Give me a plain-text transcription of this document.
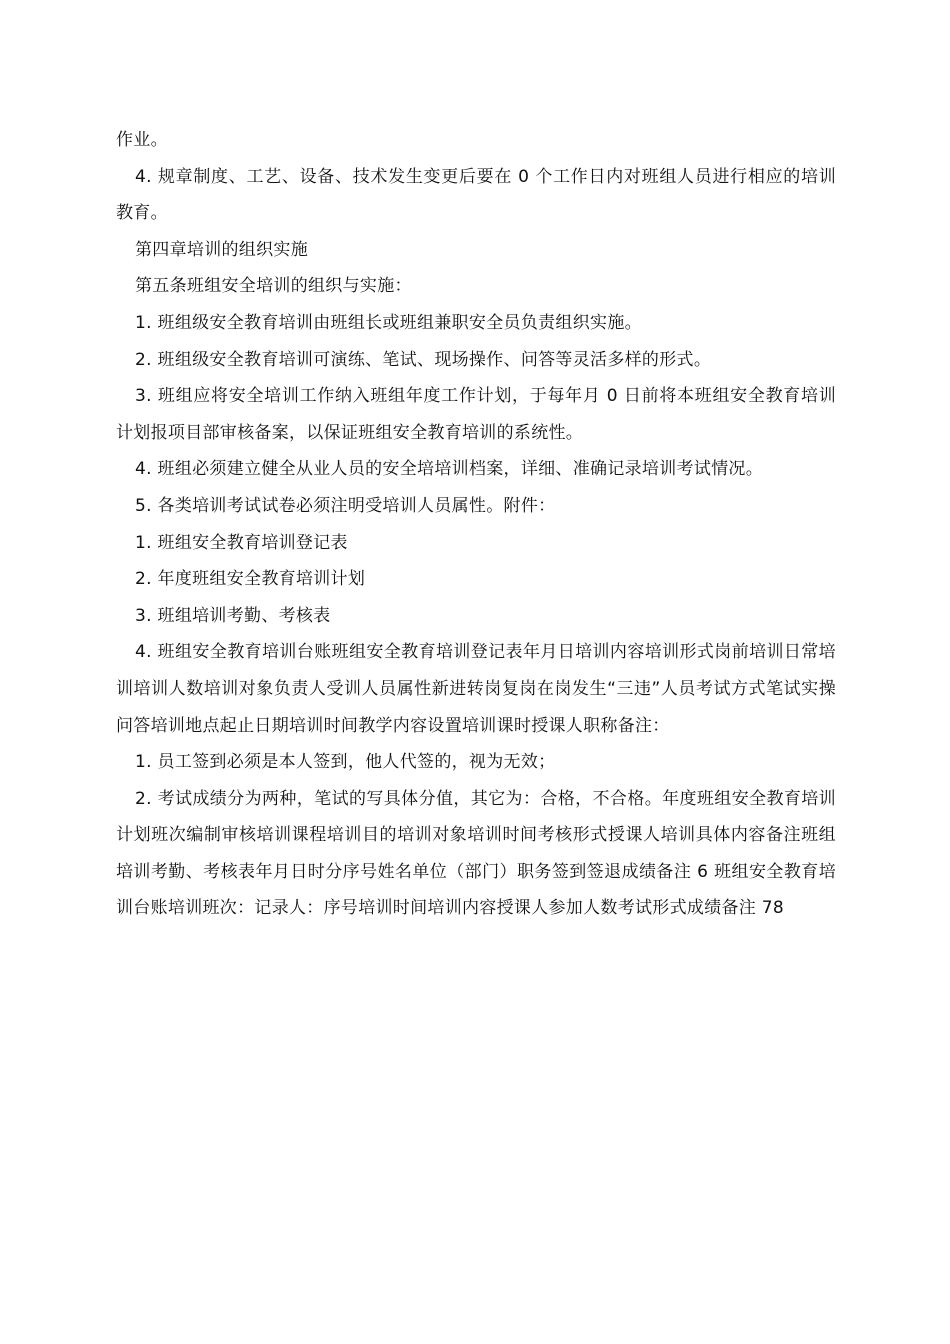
作业。

4. 规章制度、工艺、设备、技术发生变更后要在 0 个工作日内对班组人员进行相应的培训教育。

第四章培训的组织实施

第五条班组安全培训的组织与实施：

1. 班组级安全教育培训由班组长或班组兼职安全员负责组织实施。

2. 班组级安全教育培训可演练、笔试、现场操作、问答等灵活多样的形式。

3. 班组应将安全培训工作纳入班组年度工作计划，于每年月 0 日前将本班组安全教育培训计划报项目部审核备案，以保证班组安全教育培训的系统性。

4. 班组必须建立健全从业人员的安全培培训档案，详细、准确记录培训考试情况。

5. 各类培训考试试卷必须注明受培训人员属性。附件：

1. 班组安全教育培训登记表

2. 年度班组安全教育培训计划

3. 班组培训考勤、考核表

4. 班组安全教育培训台账班组安全教育培训登记表年月日培训内容培训形式岗前培训日常培训培训人数培训对象负责人受训人员属性新进转岗复岗在岗发生“三违”人员考试方式笔试实操问答培训地点起止日期培训时间教学内容设置培训课时授课人职称备注：

1. 员工签到必须是本人签到，他人代签的，视为无效；

2. 考试成绩分为两种，笔试的写具体分值，其它为：合格，不合格。年度班组安全教育培训计划班次编制审核培训课程培训目的培训对象培训时间考核形式授课人培训具体内容备注班组培训考勤、考核表年月日时分序号姓名单位（部门）职务签到签退成绩备注 6 班组安全教育培训台账培训班次：记录人：序号培训时间培训内容授课人参加人数考试形式成绩备注 78
